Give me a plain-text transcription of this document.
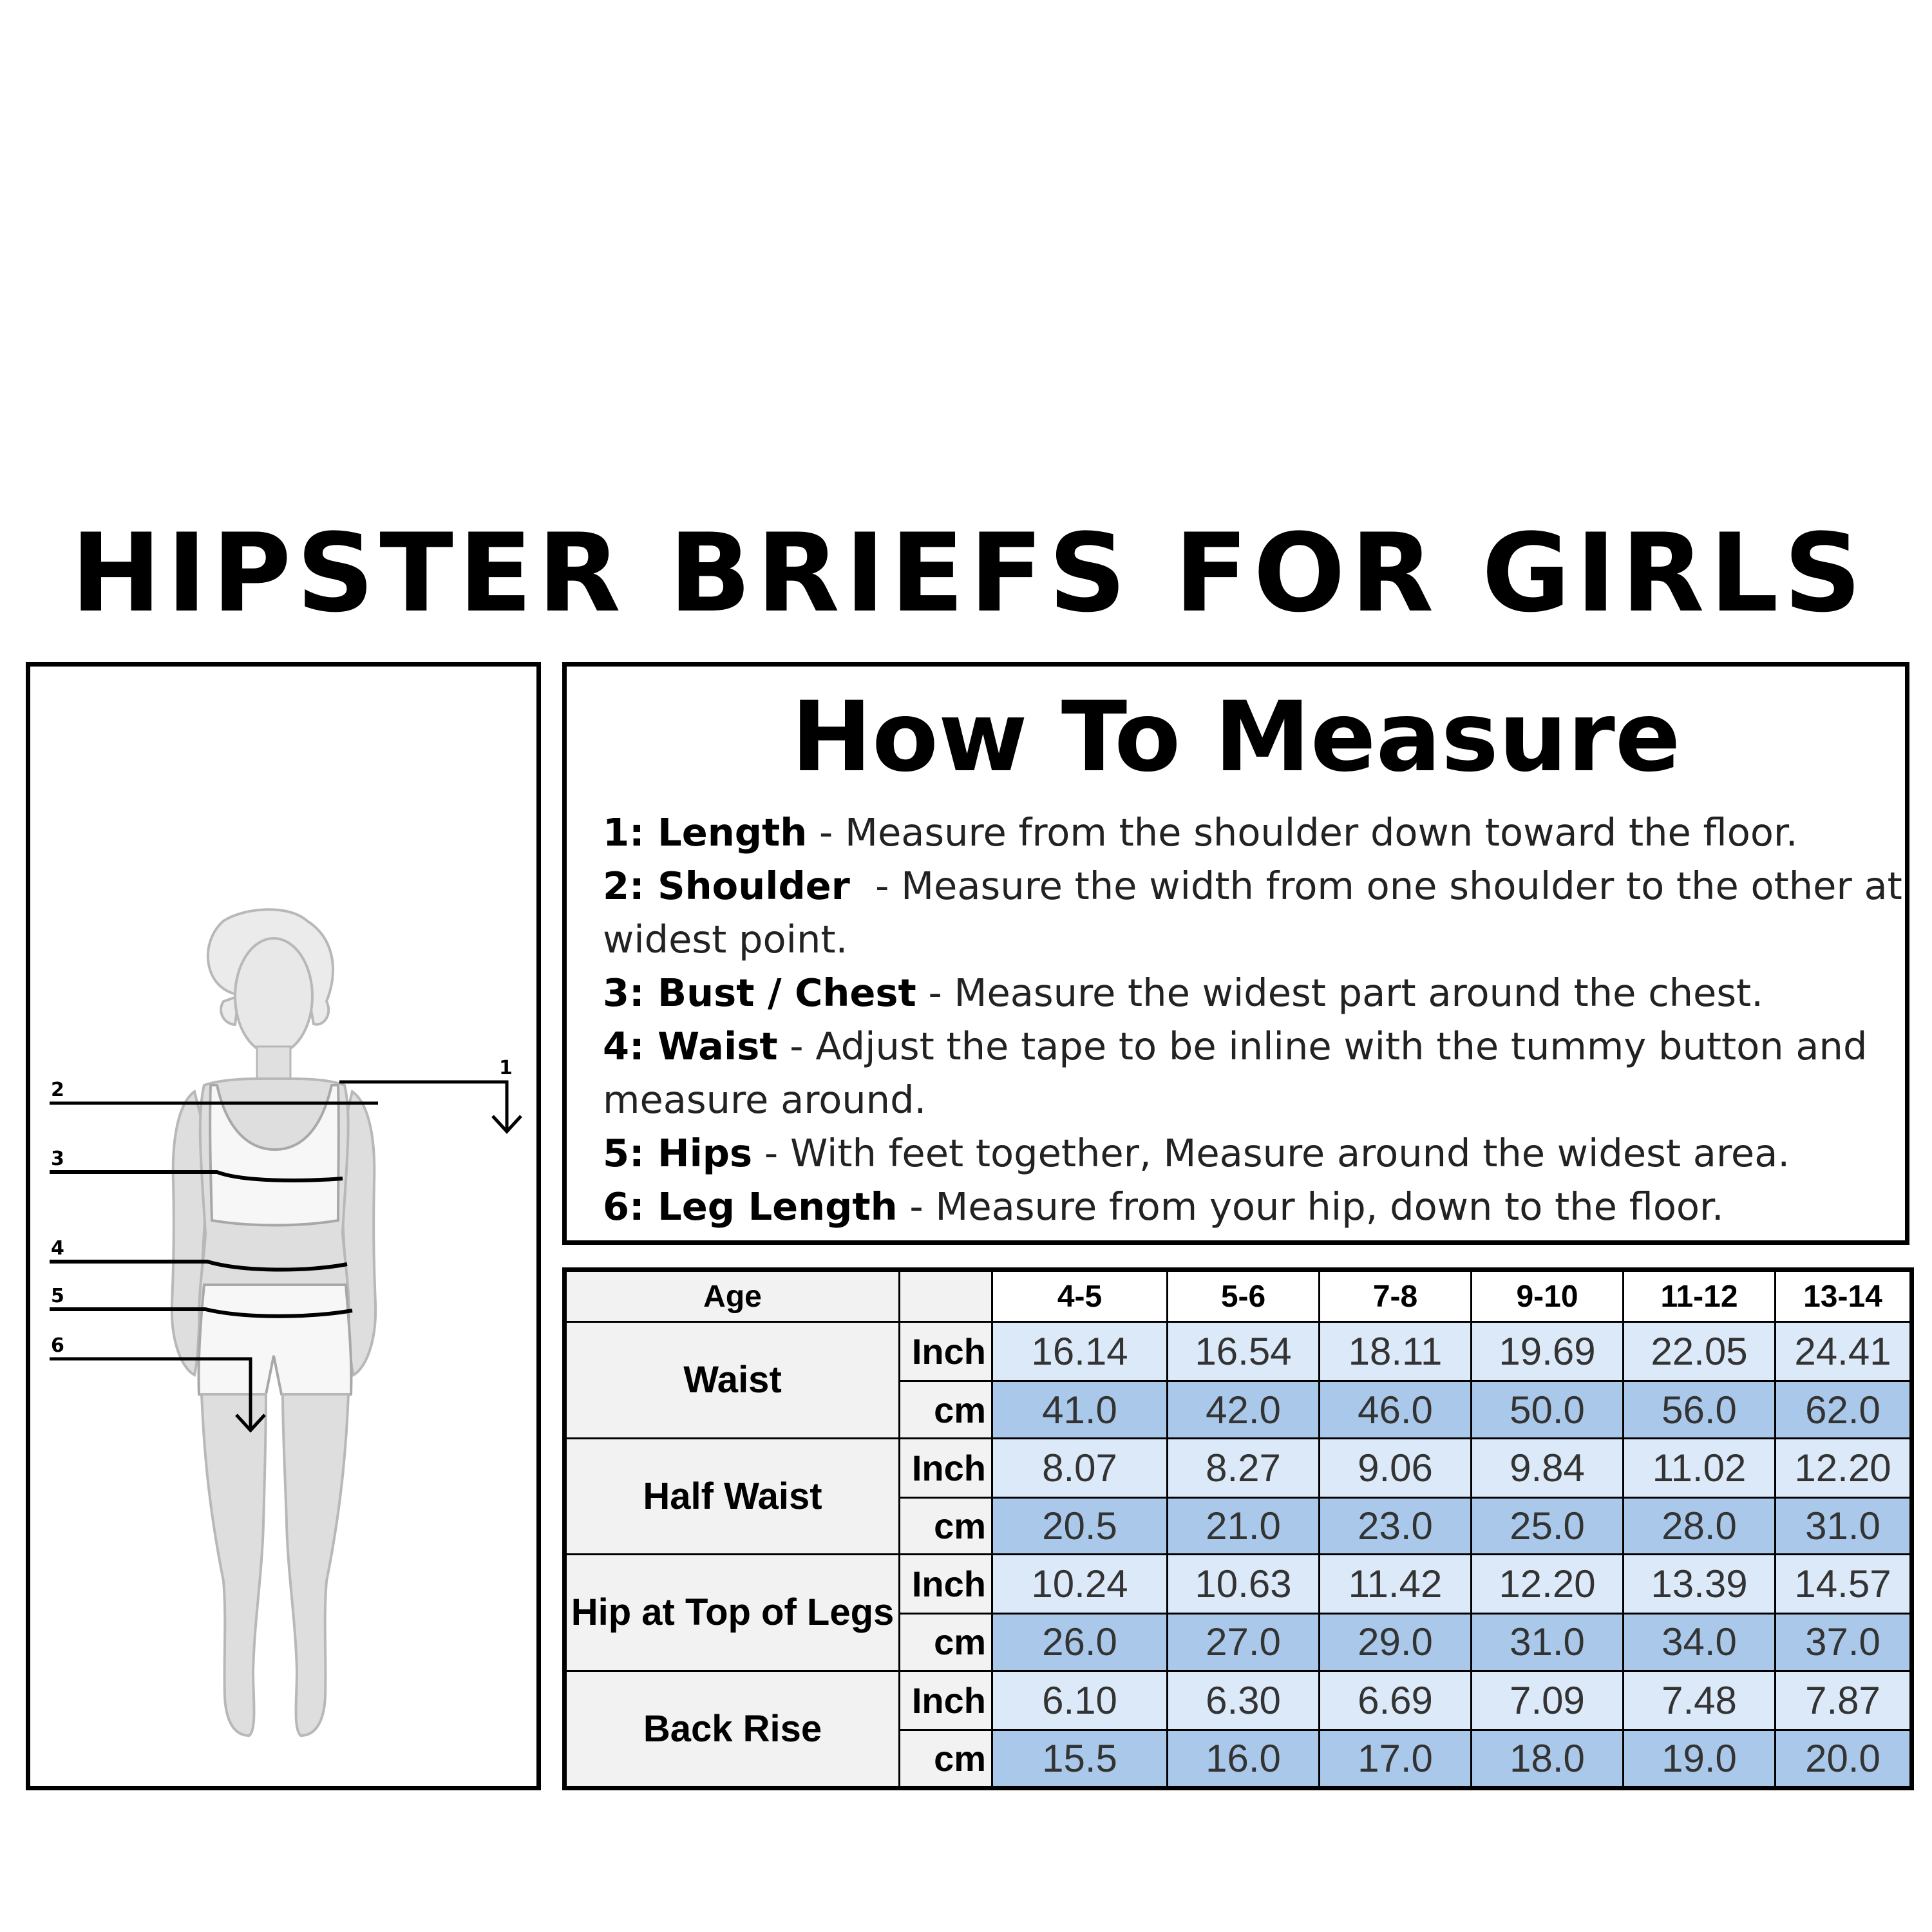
HIPSTER BRIEFS FOR GIRLS
1
2
3
4
5
6
How To Measure
1: Length - Measure from the shoulder down toward the floor.
2: Shoulder  - Measure the width from one shoulder to the other at widest point.
3: Bust / Chest - Measure the widest part around the chest.
4: Waist - Adjust the tape to be inline with the tummy button and measure around.
5: Hips - With feet together, Measure around the widest area.
6: Leg Length - Measure from your hip, down to the floor.
Age		4-5	5-6	7-8	9-10	11-12	13-14
Waist	Inch	16.14	16.54	18.11	19.69	22.05	24.41
	cm	41.0	42.0	46.0	50.0	56.0	62.0
Half Waist	Inch	8.07	8.27	9.06	9.84	11.02	12.20
	cm	20.5	21.0	23.0	25.0	28.0	31.0
Hip at Top of Legs	Inch	10.24	10.63	11.42	12.20	13.39	14.57
	cm	26.0	27.0	29.0	31.0	34.0	37.0
Back Rise	Inch	6.10	6.30	6.69	7.09	7.48	7.87
	cm	15.5	16.0	17.0	18.0	19.0	20.0
